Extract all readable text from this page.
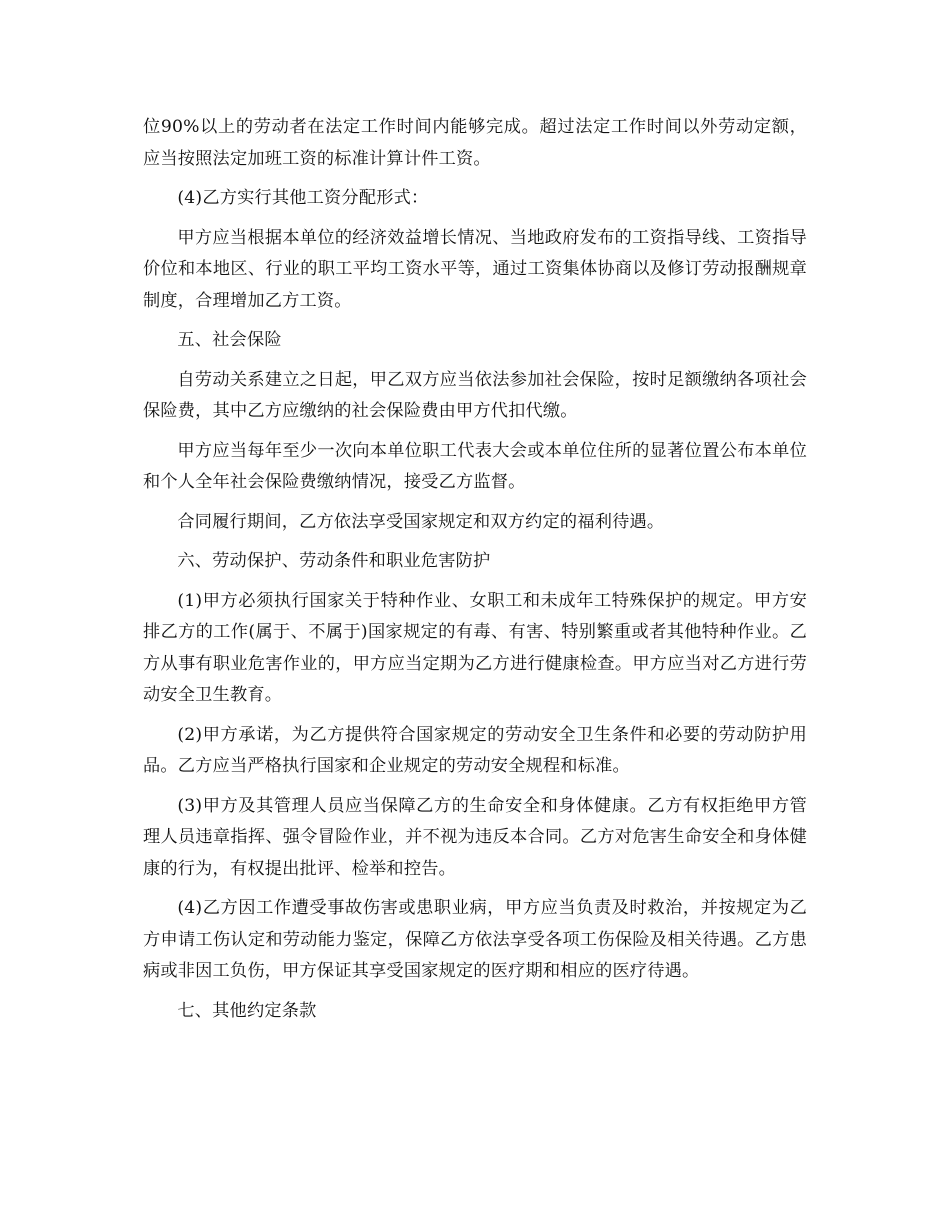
位90%以上的劳动者在法定工作时间内能够完成。超过法定工作时间以外劳动定额，应当按照法定加班工资的标准计算计件工资。

(4)乙方实行其他工资分配形式：

甲方应当根据本单位的经济效益增长情况、当地政府发布的工资指导线、工资指导价位和本地区、行业的职工平均工资水平等，通过工资集体协商以及修订劳动报酬规章制度，合理增加乙方工资。

五、社会保险

自劳动关系建立之日起，甲乙双方应当依法参加社会保险，按时足额缴纳各项社会保险费，其中乙方应缴纳的社会保险费由甲方代扣代缴。

甲方应当每年至少一次向本单位职工代表大会或本单位住所的显著位置公布本单位和个人全年社会保险费缴纳情况，接受乙方监督。

合同履行期间，乙方依法享受国家规定和双方约定的福利待遇。

六、劳动保护、劳动条件和职业危害防护

(1)甲方必须执行国家关于特种作业、女职工和未成年工特殊保护的规定。甲方安排乙方的工作(属于、不属于)国家规定的有毒、有害、特别繁重或者其他特种作业。乙方从事有职业危害作业的，甲方应当定期为乙方进行健康检查。甲方应当对乙方进行劳动安全卫生教育。

(2)甲方承诺，为乙方提供符合国家规定的劳动安全卫生条件和必要的劳动防护用品。乙方应当严格执行国家和企业规定的劳动安全规程和标准。

(3)甲方及其管理人员应当保障乙方的生命安全和身体健康。乙方有权拒绝甲方管理人员违章指挥、强令冒险作业，并不视为违反本合同。乙方对危害生命安全和身体健康的行为，有权提出批评、检举和控告。

(4)乙方因工作遭受事故伤害或患职业病，甲方应当负责及时救治，并按规定为乙方申请工伤认定和劳动能力鉴定，保障乙方依法享受各项工伤保险及相关待遇。乙方患病或非因工负伤，甲方保证其享受国家规定的医疗期和相应的医疗待遇。

七、其他约定条款
